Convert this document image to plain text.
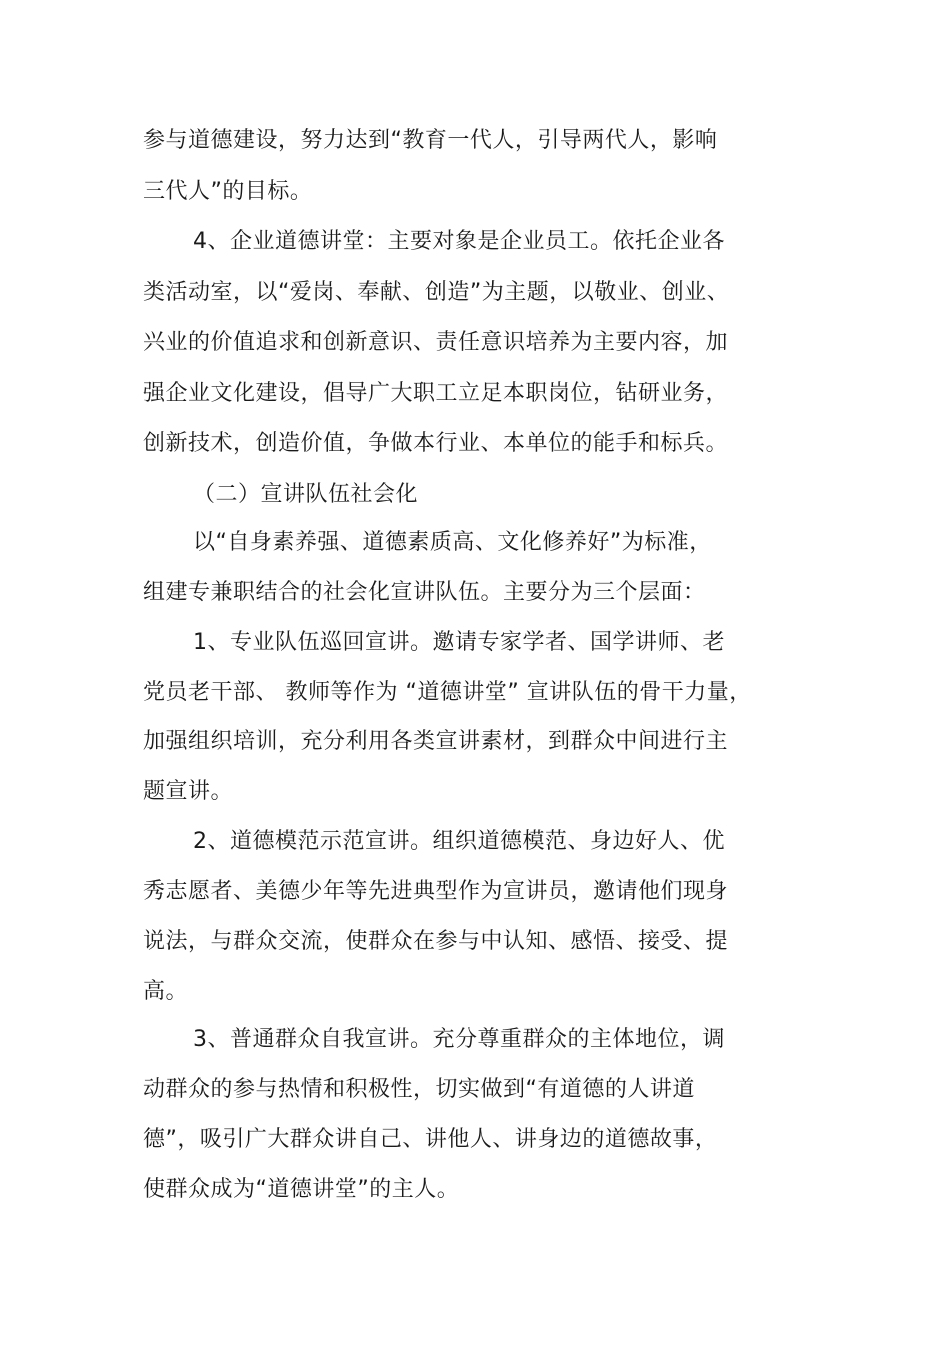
参与道德建设，努力达到“教育一代人，引导两代人，影响
三代人”的目标。
4、企业道德讲堂：主要对象是企业员工。依托企业各
类活动室，以“爱岗、奉献、创造”为主题，以敬业、创业、
兴业的价值追求和创新意识、责任意识培养为主要内容，加
强企业文化建设，倡导广大职工立足本职岗位，钻研业务，
创新技术，创造价值，争做本行业、本单位的能手和标兵。
（二）宣讲队伍社会化
以“自身素养强、道德素质高、文化修养好”为标准，
组建专兼职结合的社会化宣讲队伍。主要分为三个层面：
1、专业队伍巡回宣讲。邀请专家学者、国学讲师、老
党员老干部、 教师等作为 “道德讲堂” 宣讲队伍的骨干力量，
加强组织培训，充分利用各类宣讲素材，到群众中间进行主
题宣讲。
2、道德模范示范宣讲。组织道德模范、身边好人、优
秀志愿者、美德少年等先进典型作为宣讲员，邀请他们现身
说法，与群众交流，使群众在参与中认知、感悟、接受、提
高。
3、普通群众自我宣讲。充分尊重群众的主体地位，调
动群众的参与热情和积极性，切实做到“有道德的人讲道
德”，吸引广大群众讲自己、讲他人、讲身边的道德故事，
使群众成为“道德讲堂”的主人。
